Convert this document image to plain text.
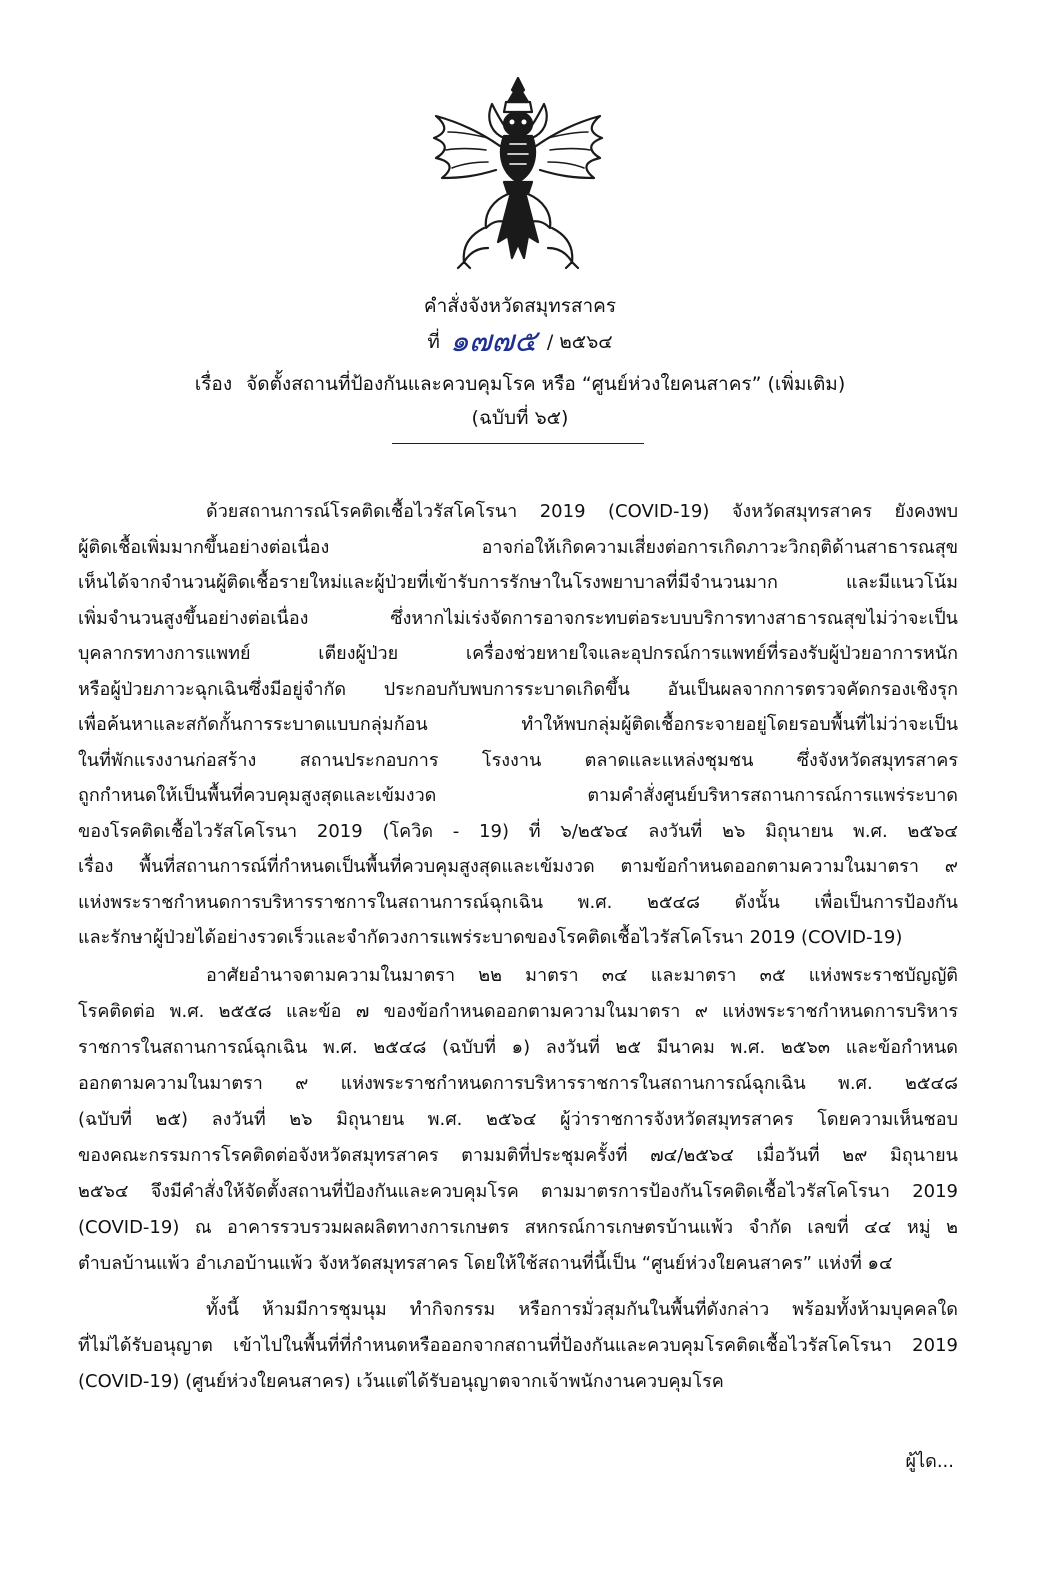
คำสั่งจังหวัดสมุทรสาคร
ที่ ๑๗๗๕ / ๒๕๖๔
เรื่อง จัดตั้งสถานที่ป้องกันและควบคุมโรค หรือ “ศูนย์ห่วงใยคนสาคร” (เพิ่มเติม)
(ฉบับที่ ๖๕)
ด้วยสถานการณ์โรคติดเชื้อไวรัสโคโรนา 2019 (COVID-19) จังหวัดสมุทรสาคร ยังคงพบ
ผู้ติดเชื้อเพิ่มมากขึ้นอย่างต่อเนื่อง อาจก่อให้เกิดความเสี่ยงต่อการเกิดภาวะวิกฤติด้านสาธารณสุข
เห็นได้จากจำนวนผู้ติดเชื้อรายใหม่และผู้ป่วยที่เข้ารับการรักษาในโรงพยาบาลที่มีจำนวนมาก และมีแนวโน้ม
เพิ่มจำนวนสูงขึ้นอย่างต่อเนื่อง ซึ่งหากไม่เร่งจัดการอาจกระทบต่อระบบบริการทางสาธารณสุขไม่ว่าจะเป็น
บุคลากรทางการแพทย์ เตียงผู้ป่วย เครื่องช่วยหายใจและอุปกรณ์การแพทย์ที่รองรับผู้ป่วยอาการหนัก
หรือผู้ป่วยภาวะฉุกเฉินซึ่งมีอยู่จำกัด ประกอบกับพบการระบาดเกิดขึ้น อันเป็นผลจากการตรวจคัดกรองเชิงรุก
เพื่อค้นหาและสกัดกั้นการระบาดแบบกลุ่มก้อน ทำให้พบกลุ่มผู้ติดเชื้อกระจายอยู่โดยรอบพื้นที่ไม่ว่าจะเป็น
ในที่พักแรงงานก่อสร้าง สถานประกอบการ โรงงาน ตลาดและแหล่งชุมชน ซึ่งจังหวัดสมุทรสาคร
ถูกกำหนดให้เป็นพื้นที่ควบคุมสูงสุดและเข้มงวด ตามคำสั่งศูนย์บริหารสถานการณ์การแพร่ระบาด
ของโรคติดเชื้อไวรัสโคโรนา 2019 (โควิด - 19) ที่ ๖/๒๕๖๔ ลงวันที่ ๒๖ มิถุนายน พ.ศ. ๒๕๖๔
เรื่อง พื้นที่สถานการณ์ที่กำหนดเป็นพื้นที่ควบคุมสูงสุดและเข้มงวด ตามข้อกำหนดออกตามความในมาตรา ๙
แห่งพระราชกำหนดการบริหารราชการในสถานการณ์ฉุกเฉิน พ.ศ. ๒๕๔๘ ดังนั้น เพื่อเป็นการป้องกัน
และรักษาผู้ป่วยได้อย่างรวดเร็วและจำกัดวงการแพร่ระบาดของโรคติดเชื้อไวรัสโคโรนา 2019 (COVID-19)
อาศัยอำนาจตามความในมาตรา ๒๒ มาตรา ๓๔ และมาตรา ๓๕ แห่งพระราชบัญญัติ
โรคติดต่อ พ.ศ. ๒๕๕๘ และข้อ ๗ ของข้อกำหนดออกตามความในมาตรา ๙ แห่งพระราชกำหนดการบริหาร
ราชการในสถานการณ์ฉุกเฉิน พ.ศ. ๒๕๔๘ (ฉบับที่ ๑) ลงวันที่ ๒๕ มีนาคม พ.ศ. ๒๕๖๓ และข้อกำหนด
ออกตามความในมาตรา ๙ แห่งพระราชกำหนดการบริหารราชการในสถานการณ์ฉุกเฉิน พ.ศ. ๒๕๔๘
(ฉบับที่ ๒๕) ลงวันที่ ๒๖ มิถุนายน พ.ศ. ๒๕๖๔ ผู้ว่าราชการจังหวัดสมุทรสาคร โดยความเห็นชอบ
ของคณะกรรมการโรคติดต่อจังหวัดสมุทรสาคร ตามมติที่ประชุมครั้งที่ ๗๔/๒๕๖๔ เมื่อวันที่ ๒๙ มิถุนายน
๒๕๖๔ จึงมีคำสั่งให้จัดตั้งสถานที่ป้องกันและควบคุมโรค ตามมาตรการป้องกันโรคติดเชื้อไวรัสโคโรนา 2019
(COVID-19) ณ อาคารรวบรวมผลผลิตทางการเกษตร สหกรณ์การเกษตรบ้านแพ้ว จำกัด เลขที่ ๔๔ หมู่ ๒
ตำบลบ้านแพ้ว อำเภอบ้านแพ้ว จังหวัดสมุทรสาคร โดยให้ใช้สถานที่นี้เป็น “ศูนย์ห่วงใยคนสาคร” แห่งที่ ๑๔
ทั้งนี้ ห้ามมีการชุมนุม ทำกิจกรรม หรือการมั่วสุมกันในพื้นที่ดังกล่าว พร้อมทั้งห้ามบุคคลใด
ที่ไม่ได้รับอนุญาต เข้าไปในพื้นที่ที่กำหนดหรือออกจากสถานที่ป้องกันและควบคุมโรคติดเชื้อไวรัสโคโรนา 2019
(COVID-19) (ศูนย์ห่วงใยคนสาคร) เว้นแต่ได้รับอนุญาตจากเจ้าพนักงานควบคุมโรค
ผู้ได...
